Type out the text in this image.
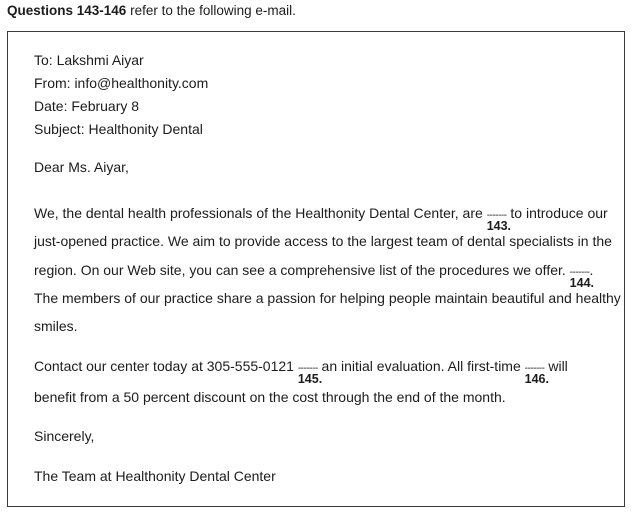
Questions 143-146 refer to the following e-mail.
To: Lakshmi Aiyar
From: info@healthonity.com
Date: February 8
Subject: Healthonity Dental
Dear Ms. Aiyar,
We, the dental health professionals of the Healthonity Dental Center, are -------
143.
to introduce our
just-opened practice. We aim to provide access to the largest team of dental specialists in the
region. On our Web site, you can see a comprehensive list of the procedures we offer. -------
144.
.
The members of our practice share a passion for helping people maintain beautiful and healthy
smiles.
Contact our center today at 305-555-0121 -------
145.
an initial evaluation. All first-time -------
146.
will
benefit from a 50 percent discount on the cost through the end of the month.
Sincerely,
The Team at Healthonity Dental Center
